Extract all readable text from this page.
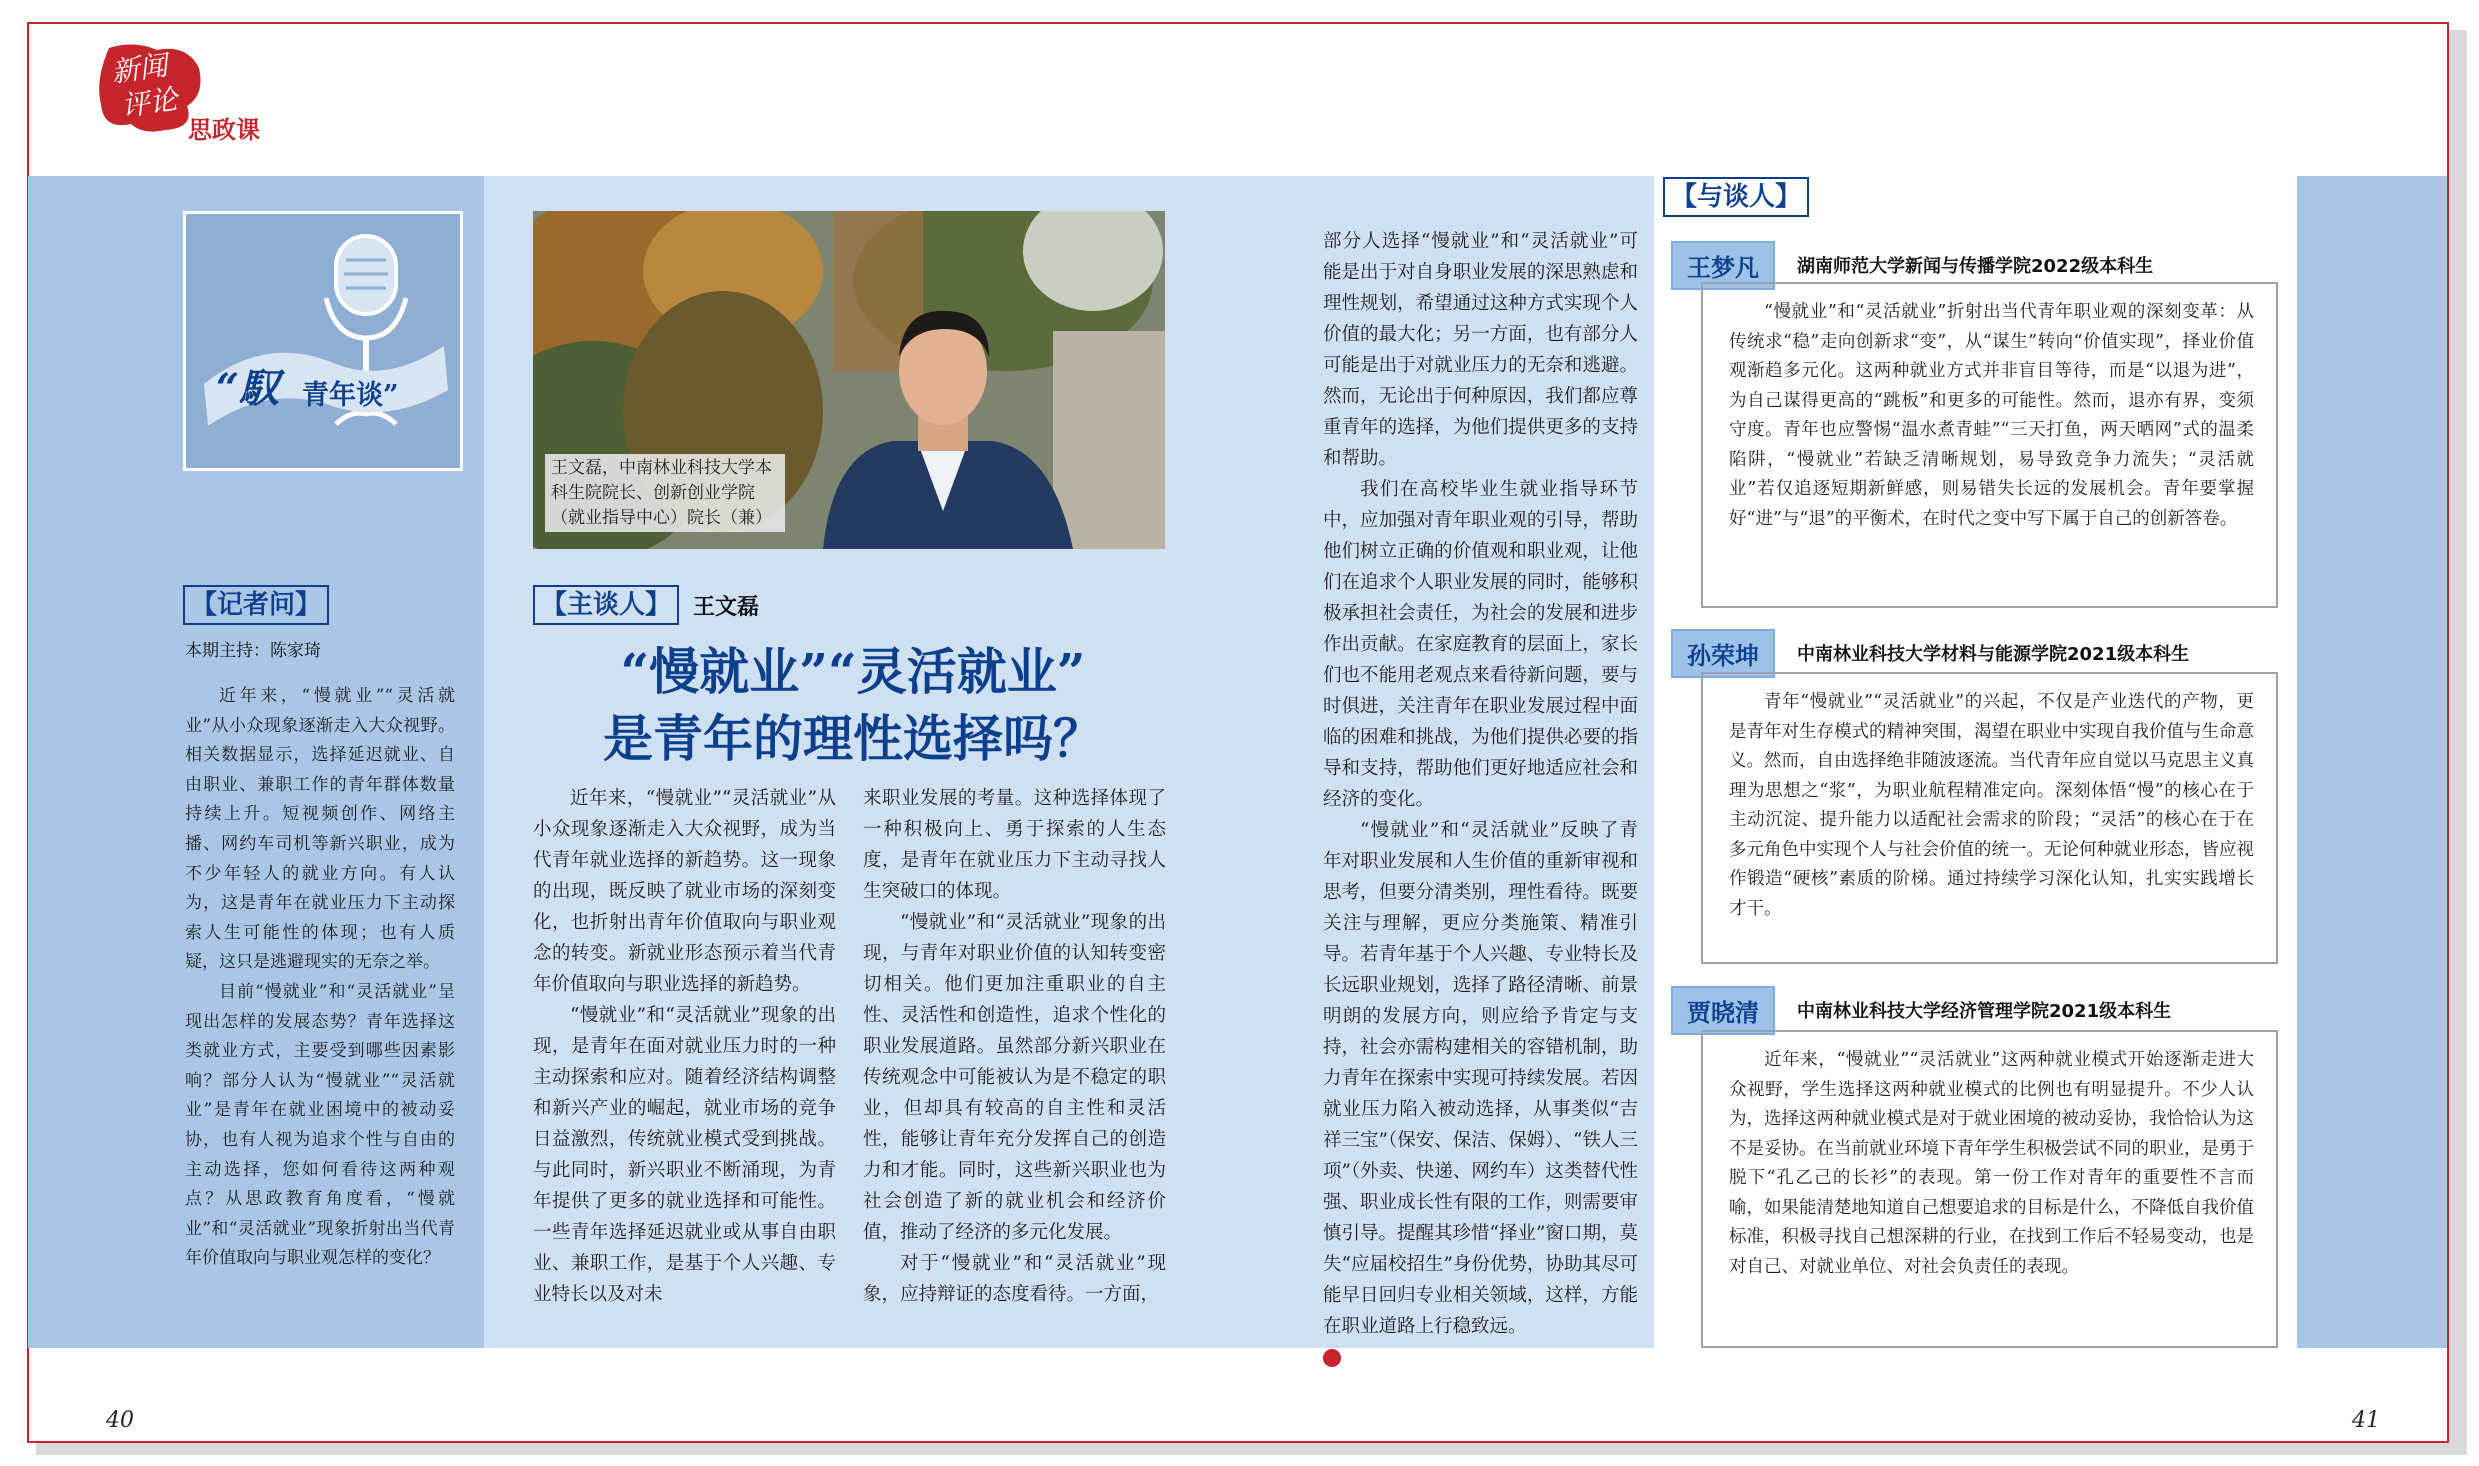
新闻
评论
思政课
“馭 青年谈”
【记者问】
本期主持：陈家琦

近年来，“慢就业”“灵活就业”从小众现象逐渐走入大众视野。相关数据显示，选择延迟就业、自由职业、兼职工作的青年群体数量持续上升。短视频创作、网络主播、网约车司机等新兴职业，成为不少年轻人的就业方向。有人认为，这是青年在就业压力下主动探索人生可能性的体现；也有人质疑，这只是逃避现实的无奈之举。

目前“慢就业”和“灵活就业”呈现出怎样的发展态势？青年选择这类就业方式，主要受到哪些因素影响？部分人认为“慢就业”“灵活就业”是青年在就业困境中的被动妥协，也有人视为追求个性与自由的主动选择，您如何看待这两种观点？从思政教育角度看，“慢就业”和“灵活就业”现象折射出当代青年价值取向与职业观怎样的变化？

王文磊，中南林业科技大学本科生院院长、创新创业学院（就业指导中心）院长（兼）
【主谈人】	王文磊
“慢就业”“灵活就业”
是青年的理性选择吗？

近年来，“慢就业”“灵活就业”从小众现象逐渐走入大众视野，成为当代青年就业选择的新趋势。这一现象的出现，既反映了就业市场的深刻变化，也折射出青年价值取向与职业观念的转变。新就业形态预示着当代青年价值取向与职业选择的新趋势。

“慢就业”和“灵活就业”现象的出现，是青年在面对就业压力时的一种主动探索和应对。随着经济结构调整和新兴产业的崛起，就业市场的竞争日益激烈，传统就业模式受到挑战。与此同时，新兴职业不断涌现，为青年提供了更多的就业选择和可能性。一些青年选择延迟就业或从事自由职业、兼职工作，是基于个人兴趣、专业特长以及对未

来职业发展的考量。这种选择体现了一种积极向上、勇于探索的人生态度，是青年在就业压力下主动寻找人生突破口的体现。

“慢就业”和“灵活就业”现象的出现，与青年对职业价值的认知转变密切相关。他们更加注重职业的自主性、灵活性和创造性，追求个性化的职业发展道路。虽然部分新兴职业在传统观念中可能被认为是不稳定的职业，但却具有较高的自主性和灵活性，能够让青年充分发挥自己的创造力和才能。同时，这些新兴职业也为社会创造了新的就业机会和经济价值，推动了经济的多元化发展。

对于“慢就业”和“灵活就业”现象，应持辩证的态度看待。一方面，

部分人选择“慢就业”和“灵活就业”可能是出于对自身职业发展的深思熟虑和理性规划，希望通过这种方式实现个人价值的最大化；另一方面，也有部分人可能是出于对就业压力的无奈和逃避。然而，无论出于何种原因，我们都应尊重青年的选择，为他们提供更多的支持和帮助。

我们在高校毕业生就业指导环节中，应加强对青年职业观的引导，帮助他们树立正确的价值观和职业观，让他们在追求个人职业发展的同时，能够积极承担社会责任，为社会的发展和进步作出贡献。在家庭教育的层面上，家长们也不能用老观点来看待新问题，要与时俱进，关注青年在职业发展过程中面临的困难和挑战，为他们提供必要的指导和支持，帮助他们更好地适应社会和经济的变化。

“慢就业”和“灵活就业”反映了青年对职业发展和人生价值的重新审视和思考，但要分清类别，理性看待。既要关注与理解，更应分类施策、精准引导。若青年基于个人兴趣、专业特长及长远职业规划，选择了路径清晰、前景明朗的发展方向，则应给予肯定与支持，社会亦需构建相关的容错机制，助力青年在探索中实现可持续发展。若因就业压力陷入被动选择，从事类似“吉祥三宝”（保安、保洁、保姆）、“铁人三项”（外卖、快递、网约车）这类替代性强、职业成长性有限的工作，则需要审慎引导。提醒其珍惜“择业”窗口期，莫失“应届校招生”身份优势，协助其尽可能早日回归专业相关领域，这样，方能在职业道路上行稳致远。

【与谈人】
王梦凡	湖南师范大学新闻与传播学院2022级本科生

“慢就业”和“灵活就业”折射出当代青年职业观的深刻变革：从传统求“稳”走向创新求“变”，从“谋生”转向“价值实现”，择业价值观渐趋多元化。这两种就业方式并非盲目等待，而是“以退为进”，为自己谋得更高的“跳板”和更多的可能性。然而，退亦有界，变须守度。青年也应警惕“温水煮青蛙”“三天打鱼，两天晒网”式的温柔陷阱，“慢就业”若缺乏清晰规划，易导致竞争力流失；“灵活就业”若仅追逐短期新鲜感，则易错失长远的发展机会。青年要掌握好“进”与“退”的平衡术，在时代之变中写下属于自己的创新答卷。

孙荣坤	中南林业科技大学材料与能源学院2021级本科生

青年“慢就业”“灵活就业”的兴起，不仅是产业迭代的产物，更是青年对生存模式的精神突围，渴望在职业中实现自我价值与生命意义。然而，自由选择绝非随波逐流。当代青年应自觉以马克思主义真理为思想之“浆”，为职业航程精准定向。深刻体悟“慢”的核心在于主动沉淀、提升能力以适配社会需求的阶段；“灵活”的核心在于在多元角色中实现个人与社会价值的统一。无论何种就业形态，皆应视作锻造“硬核”素质的阶梯。通过持续学习深化认知，扎实实践增长才干。

贾晓清	中南林业科技大学经济管理学院2021级本科生

近年来，“慢就业”“灵活就业”这两种就业模式开始逐渐走进大众视野，学生选择这两种就业模式的比例也有明显提升。不少人认为，选择这两种就业模式是对于就业困境的被动妥协，我恰恰认为这不是妥协。在当前就业环境下青年学生积极尝试不同的职业，是勇于脱下“孔乙己的长衫”的表现。第一份工作对青年的重要性不言而喻，如果能清楚地知道自己想要追求的目标是什么，不降低自我价值标准，积极寻找自己想深耕的行业，在找到工作后不轻易变动，也是对自己、对就业单位、对社会负责任的表现。

40	41
